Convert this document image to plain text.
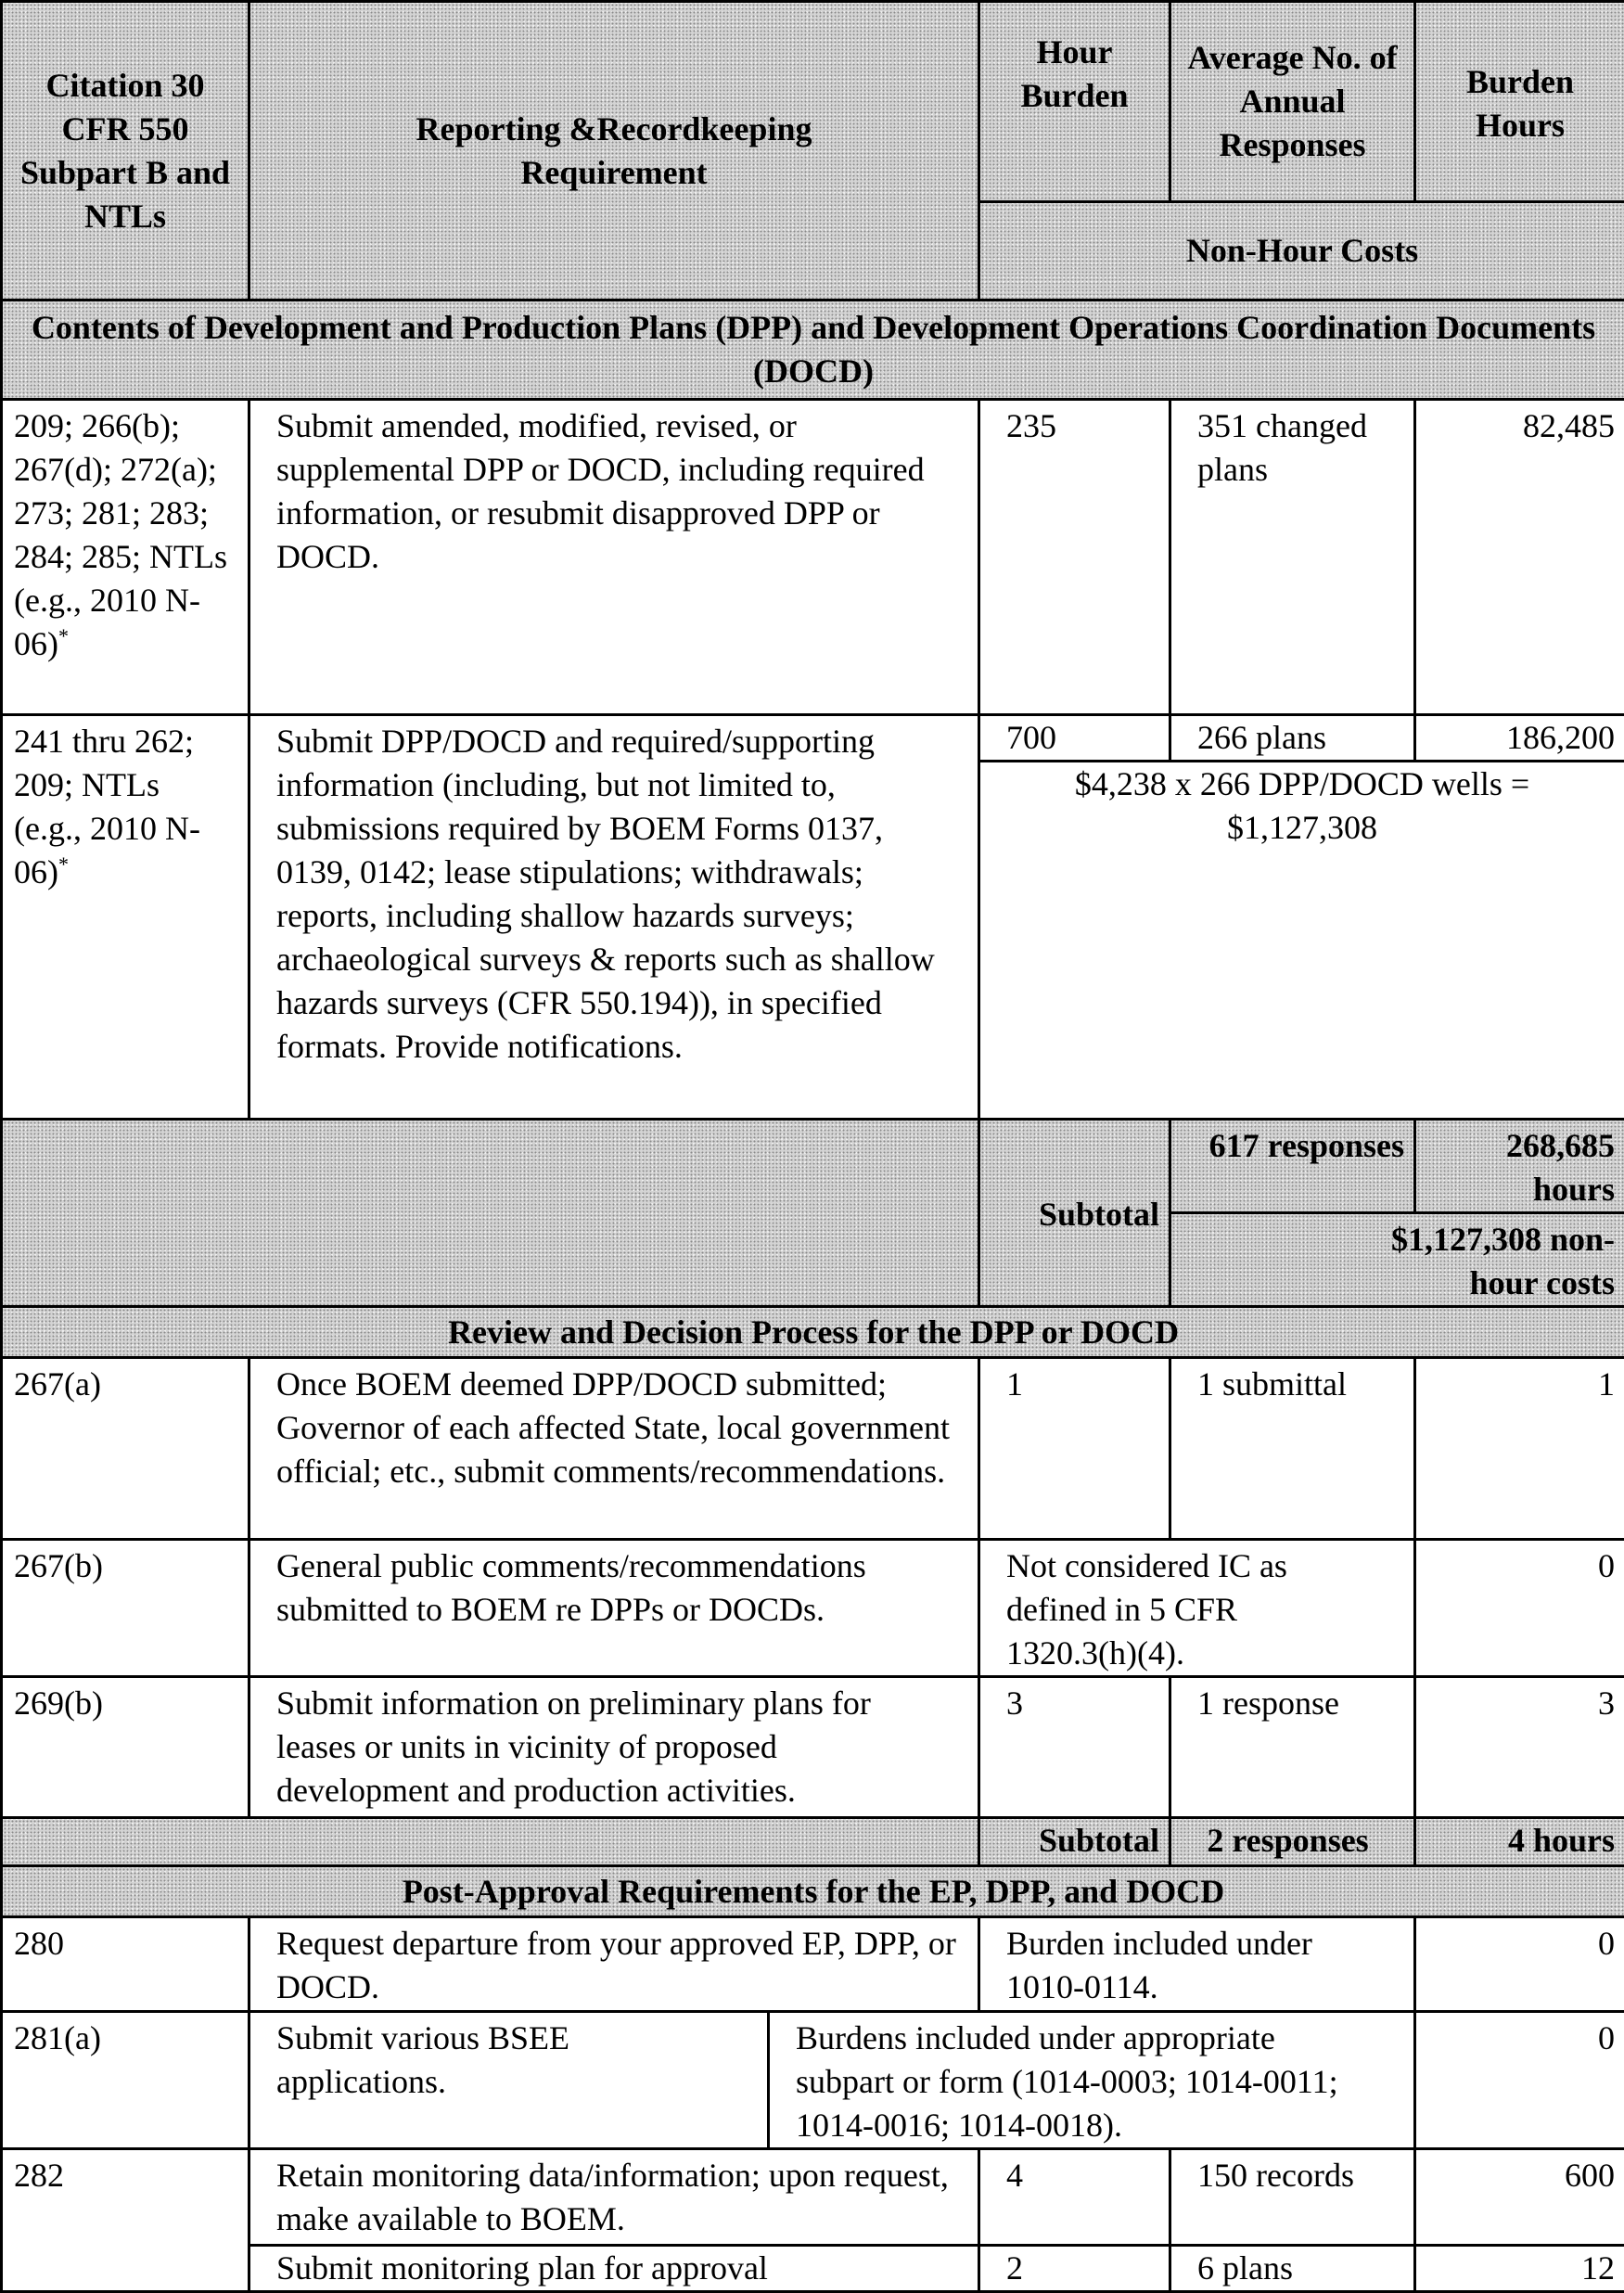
Citation 30 CFR 550 Subpart B and NTLs	Reporting &Recordkeeping Requirement		Hour Burden	Average No. of Annual Responses	Burden Hours
			Non-Hour Costs		
Contents of Development and Production Plans (DPP) and Development Operations Coordination Documents (DOCD)					
209; 266(b); 267(d); 272(a); 273; 281; 283; 284; 285; NTLs (e.g., 2010 N-06)*	Submit amended, modified, revised, or supplemental DPP or DOCD, including required information, or resubmit disapproved DPP or DOCD.		235	351 changed plans	82,485
241 thru 262; 209; NTLs (e.g., 2010 N-06)*	Submit DPP/DOCD and required/supporting information (including, but not limited to, submissions required by BOEM Forms 0137, 0139, 0142; lease stipulations; withdrawals; reports, including shallow hazards surveys; archaeological surveys & reports such as shallow hazards surveys (CFR 550.194)), in specified formats. Provide notifications.		700	266 plans	186,200
			$4,238 x 266 DPP/DOCD wells = $1,127,308		
			Subtotal	617 responses	268,685 hours
				$1,127,308 non-hour costs	
Review and Decision Process for the DPP or DOCD					
267(a)	Once BOEM deemed DPP/DOCD submitted; Governor of each affected State, local government official; etc., submit comments/recommendations.		1	1 submittal	1
267(b)	General public comments/recommendations submitted to BOEM re DPPs or DOCDs.		Not considered IC as defined in 5 CFR 1320.3(h)(4).		0
269(b)	Submit information on preliminary plans for leases or units in vicinity of proposed development and production activities.		3	1 response	3
			Subtotal	2 responses	4 hours
Post-Approval Requirements for the EP, DPP, and DOCD					
280	Request departure from your approved EP, DPP, or DOCD.		Burden included under 1010-0114.		0
281(a)	Submit various BSEE applications.	Burdens included under appropriate subpart or form (1014-0003; 1014-0011; 1014-0016; 1014-0018).			0
282	Retain monitoring data/information; upon request, make available to BOEM.		4	150 records	600
	Submit monitoring plan for approval		2	6 plans	12
